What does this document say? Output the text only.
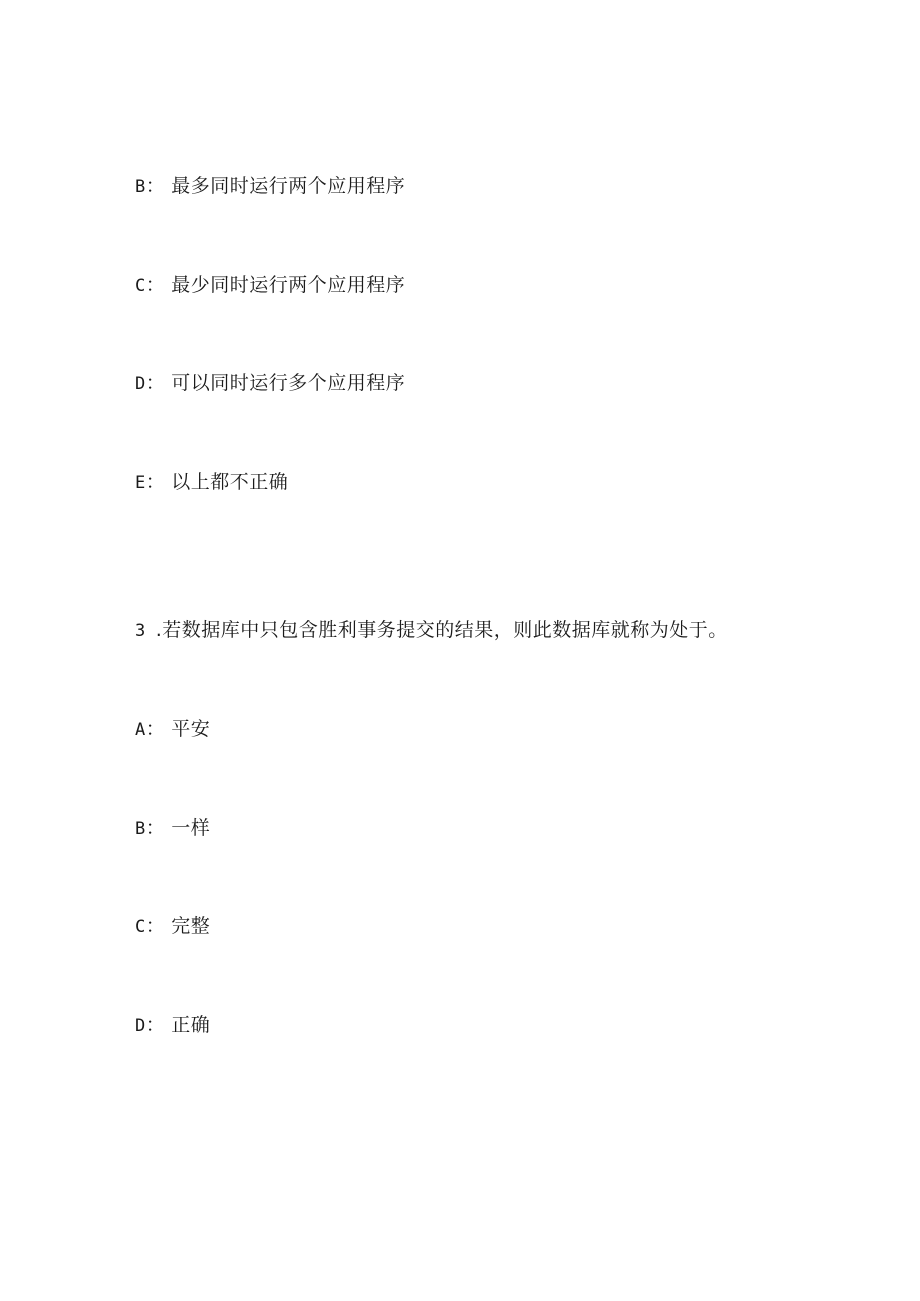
B： 最多同时运行两个应用程序
C： 最少同时运行两个应用程序
D： 可以同时运行多个应用程序
E： 以上都不正确
3 .若数据库中只包含胜利事务提交的结果，则此数据库就称为处于。
A： 平安
B： 一样
C： 完整
D： 正确
